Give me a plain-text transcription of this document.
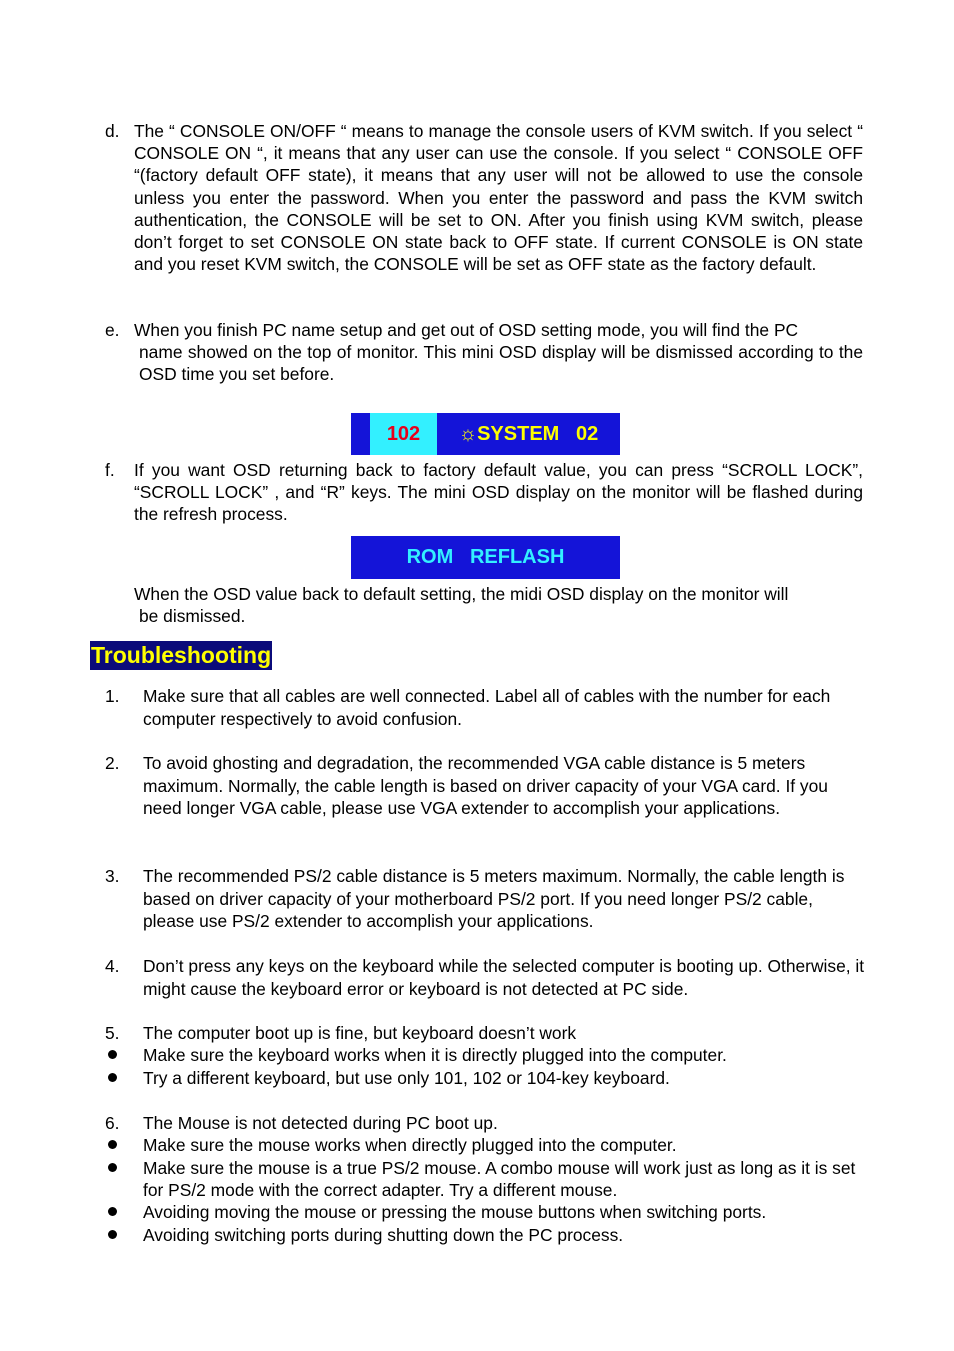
d. The “ CONSOLE ON/OFF “ means to manage the console users of KVM switch. If you select “ CONSOLE ON “, it means that any user can use the console. If you select “ CONSOLE OFF “(factory default OFF state), it means that any user will not be allowed to use the console unless you enter the password. When you enter the password and pass the KVM switch authentication, the CONSOLE will be set to ON. After you finish using KVM switch, please don’t forget to set CONSOLE ON state back to OFF state. If current CONSOLE is ON state and you reset KVM switch, the CONSOLE will be set as OFF state as the factory default.
e. When you finish PC name setup and get out of OSD setting mode, you will find the PC
name showed on the top of monitor. This mini OSD display will be dismissed according to the OSD time you set before.
102	☼SYSTEM   02
f. If you want OSD returning back to factory default value, you can press “SCROLL LOCK”, “SCROLL LOCK” , and “R” keys. The mini OSD display on the monitor will be flashed during the refresh process.
ROM   REFLASH
When the OSD value back to default setting, the midi OSD display on the monitor will
be dismissed.
Troubleshooting
1. Make sure that all cables are well connected. Label all of cables with the number for each computer respectively to avoid confusion.
2. To avoid ghosting and degradation, the recommended VGA cable distance is 5 meters maximum. Normally, the cable length is based on driver capacity of your VGA card. If you need longer VGA cable, please use VGA extender to accomplish your applications.
3. The recommended PS/2 cable distance is 5 meters maximum. Normally, the cable length is based on driver capacity of your motherboard PS/2 port. If you need longer PS/2 cable, please use PS/2 extender to accomplish your applications.
4. Don’t press any keys on the keyboard while the selected computer is booting up. Otherwise, it might cause the keyboard error or keyboard is not detected at PC side.
5. The computer boot up is fine, but keyboard doesn’t work
Make sure the keyboard works when it is directly plugged into the computer.
Try a different keyboard, but use only 101, 102 or 104-key keyboard.
6. The Mouse is not detected during PC boot up.
Make sure the mouse works when directly plugged into the computer.
Make sure the mouse is a true PS/2 mouse. A combo mouse will work just as long as it is set for PS/2 mode with the correct adapter. Try a different mouse.
Avoiding moving the mouse or pressing the mouse buttons when switching ports.
Avoiding switching ports during shutting down the PC process.
